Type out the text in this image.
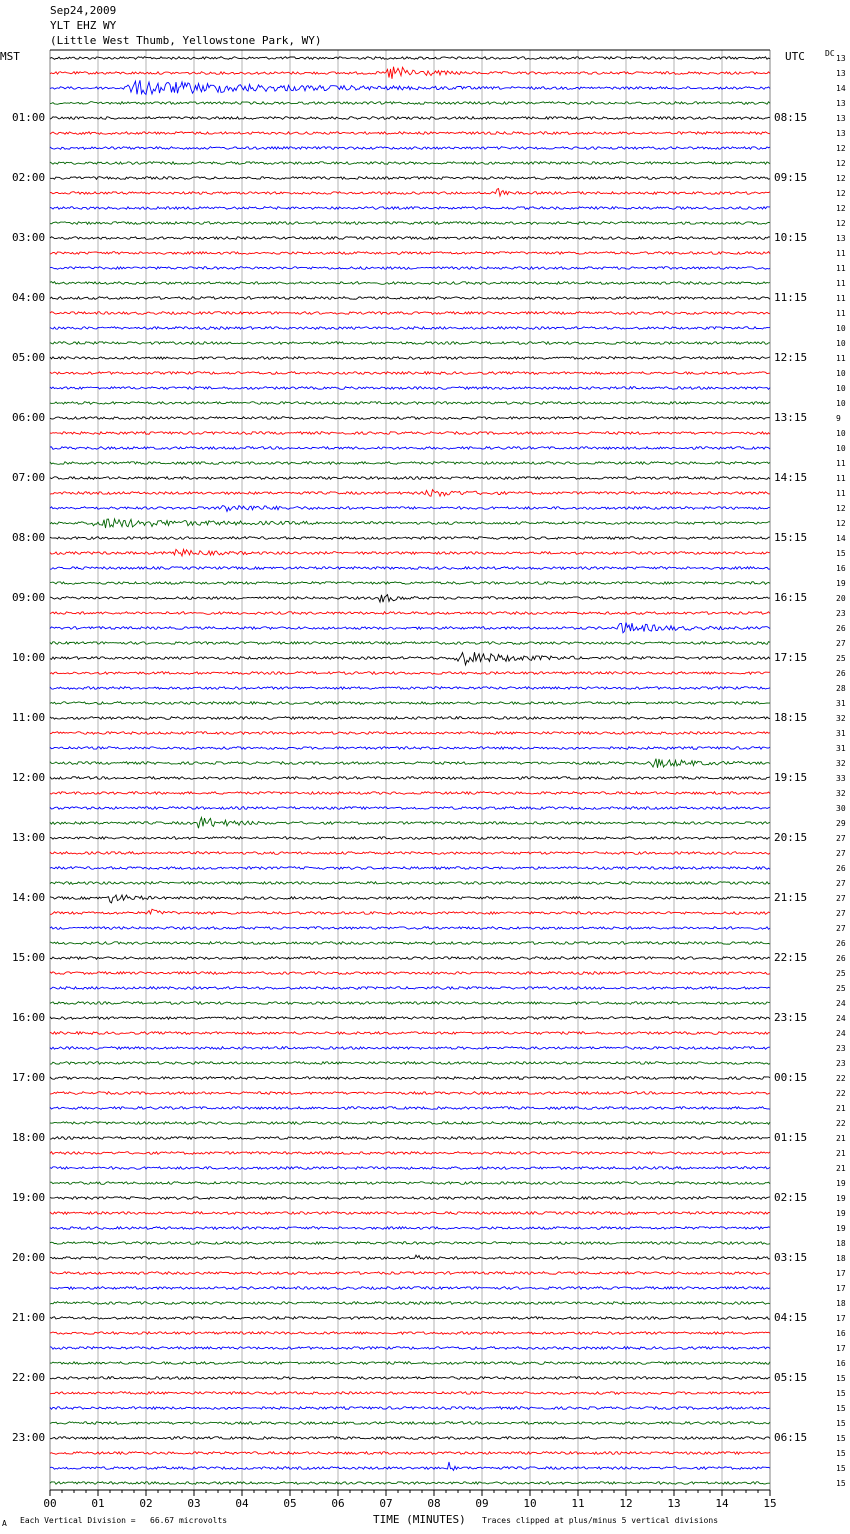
00	01	02	03	04	05	06	07	08	09	10	11	12	13	14	15
Sep24,2009
YLT EHZ WY
(Little West Thumb, Yellowstone Park, WY)
MST	UTC	DC
01:00
02:00
03:00
04:00
05:00
06:00
07:00
08:00
09:00
10:00
11:00
12:00
13:00
14:00
15:00
16:00
17:00
18:00
19:00
20:00
21:00
22:00
23:00
08:15
09:15
10:15
11:15
12:15
13:15
14:15
15:15
16:15
17:15
18:15
19:15
20:15
21:15
22:15
23:15
00:15
01:15
02:15
03:15
04:15
05:15
06:15
13
13
14
13
13
13
12
12
12
12
12
12
13
11
11
11
11
11
10
10
11
10
10
10
9
10
10
11
11
11
12
12
14
15
16
19
20
23
26
27
25
26
28
31
32
31
31
32
33
32
30
29
27
27
26
27
27
27
27
26
26
25
25
24
24
24
23
23
22
22
21
22
21
21
21
19
19
19
19
18
18
17
17
18
17
16
17
16
15
15
15
15
15
15
15
15
A Each Vertical Division =   66.67 microvolts	TIME (MINUTES) Traces clipped at plus/minus 5 vertical divisions
